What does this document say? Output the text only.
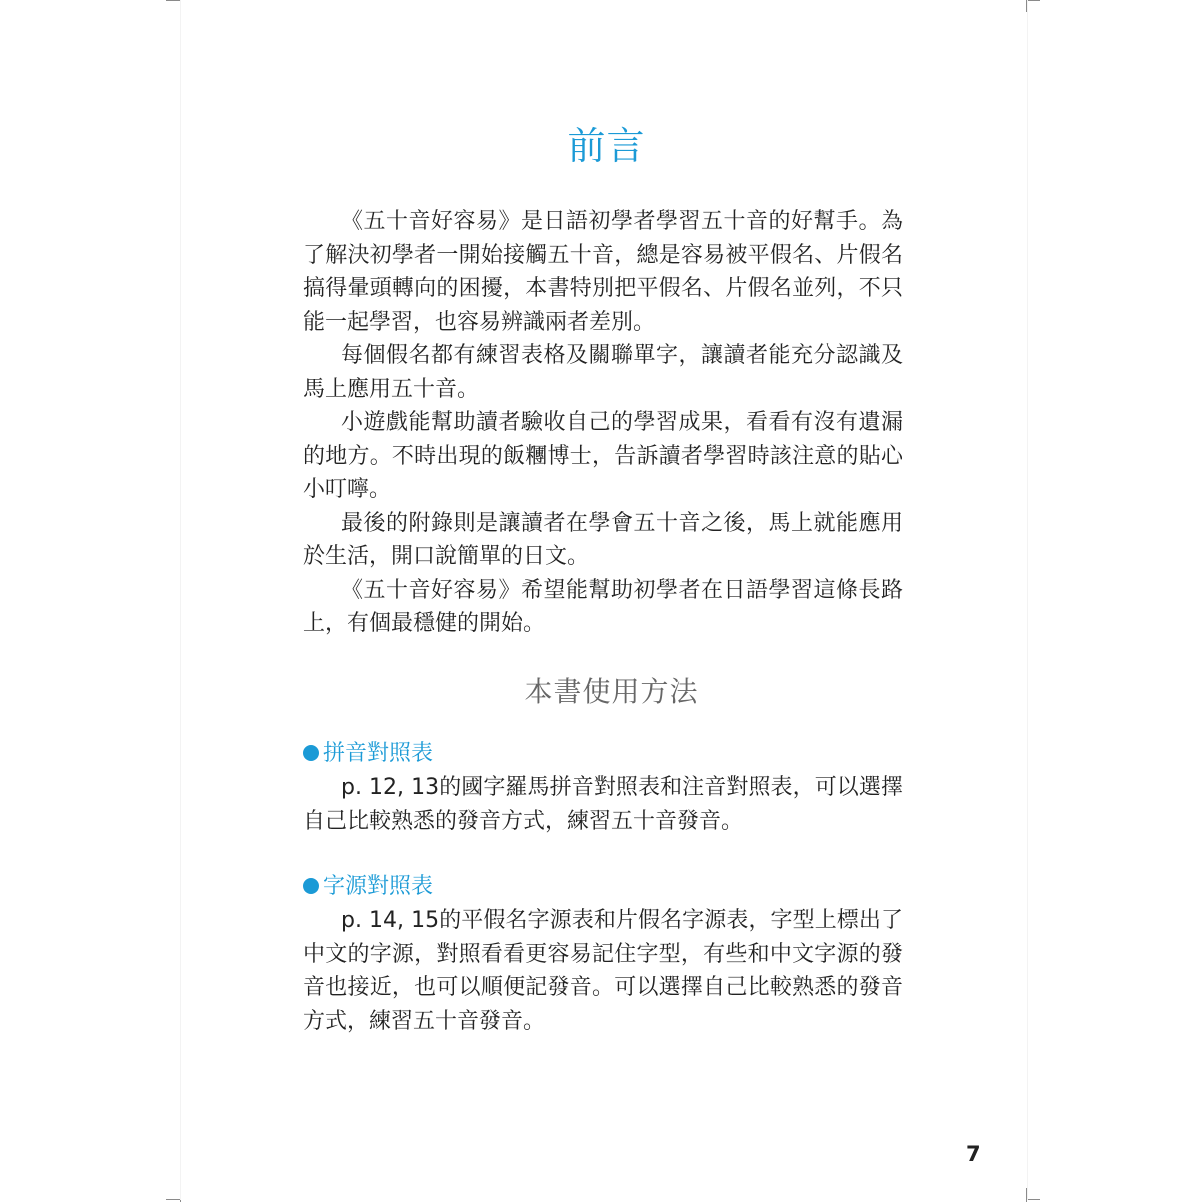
前言

《五十音好容易》是日語初學者學習五十音的好幫手。為了解決初學者一開始接觸五十音，總是容易被平假名、片假名搞得暈頭轉向的困擾，本書特別把平假名、片假名並列，不只能一起學習，也容易辨識兩者差別。

每個假名都有練習表格及關聯單字，讓讀者能充分認識及馬上應用五十音。

小遊戲能幫助讀者驗收自己的學習成果，看看有沒有遺漏的地方。不時出現的飯糰博士，告訴讀者學習時該注意的貼心小叮嚀。

最後的附錄則是讓讀者在學會五十音之後，馬上就能應用於生活，開口說簡單的日文。

《五十音好容易》希望能幫助初學者在日語學習這條長路上，有個最穩健的開始。

本書使用方法
拼音對照表

p. 12, 13的國字羅馬拼音對照表和注音對照表，可以選擇自己比較熟悉的發音方式，練習五十音發音。

字源對照表

p. 14, 15的平假名字源表和片假名字源表，字型上標出了中文的字源，對照看看更容易記住字型，有些和中文字源的發音也接近，也可以順便記發音。可以選擇自己比較熟悉的發音方式，練習五十音發音。

7
